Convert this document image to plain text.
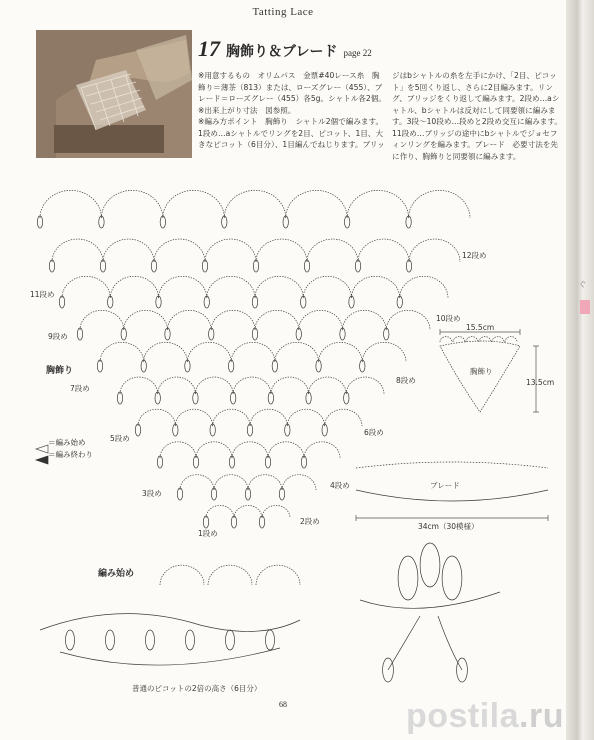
ぐ
Tatting Lace
17 胸飾り＆ブレード page 22
※用意するもの　オリムパス　金票#40レース糸　胸飾り＝薄茶（813）または、ローズグレー（455）、ブレード＝ローズグレー（455）各5g。シャトル各2個。
※出来上がり寸法　図参照。
※編み方ポイント　胸飾り　シャトル2個で編みます。1段め…aシャトルでリングを2目、ピコット、1目、大きなピコット（6目分）、1目編んでねじります。ブリッ
ジはbシャトルの糸を左手にかけ、「2目、ピコット」を5回くり返し、さらに2目編みます。リング、ブリッジをくり返して編みます。2段め…aシャトル、bシャトルは反対にして同要領に編みます。3段〜10段め…段めと2段め交互に編みます。11段め…ブリッジの途中にbシャトルでジョセフィンリングを編みます。ブレード　必要寸法を先に作り、胸飾りと同要領に編みます。
12段め
11段め
10段め
9段め
8段め
7段め
6段め
5段め
4段め
3段め
2段め
1段め
胸飾り
編み始め
ブレード
34cm（30模様）
胸飾り
15.5cm
13.5cm
普通のピコットの2倍の高さ（6目分）
＝編み始め
＝編み終わり
68	postila.ru
